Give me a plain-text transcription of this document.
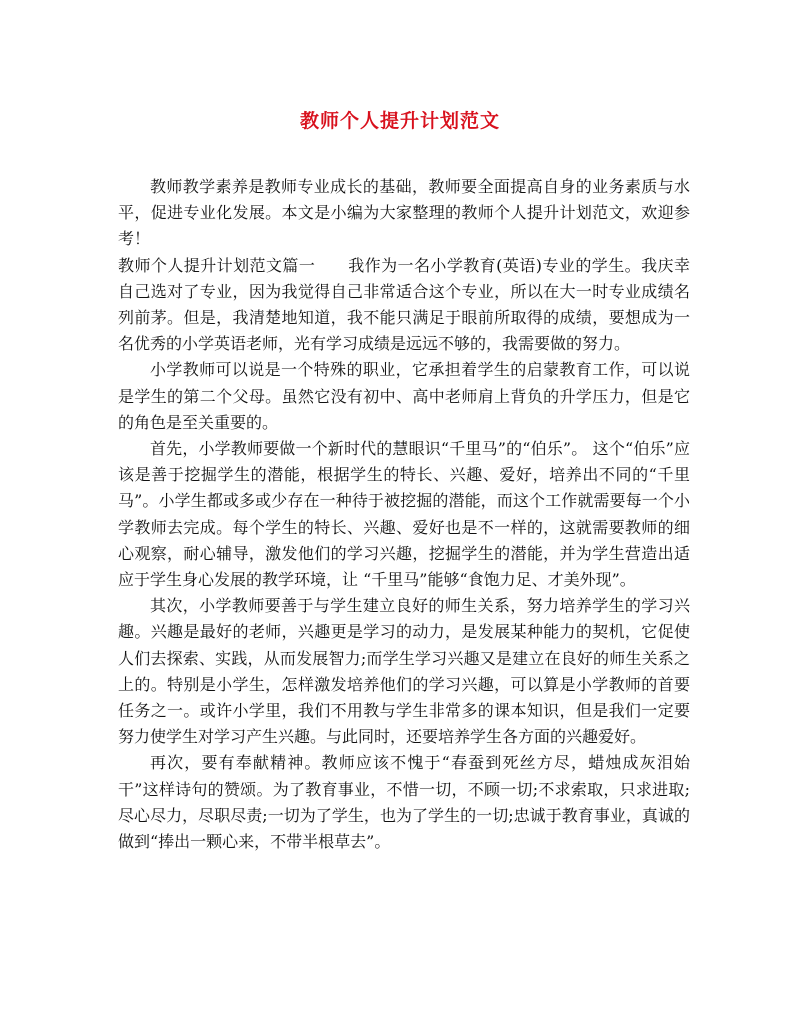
教师个人提升计划范文

教师教学素养是教师专业成长的基础，教师要全面提高自身的业务素质与水平，促进专业化发展。本文是小编为大家整理的教师个人提升计划范文，欢迎参考！

教师个人提升计划范文篇一　　我作为一名小学教育(英语)专业的学生。我庆幸自己选对了专业，因为我觉得自己非常适合这个专业，所以在大一时专业成绩名列前茅。但是，我清楚地知道，我不能只满足于眼前所取得的成绩，要想成为一名优秀的小学英语老师，光有学习成绩是远远不够的，我需要做的努力。

小学教师可以说是一个特殊的职业，它承担着学生的启蒙教育工作，可以说是学生的第二个父母。虽然它没有初中、高中老师肩上背负的升学压力，但是它的角色是至关重要的。

首先，小学教师要做一个新时代的慧眼识“千里马”的“伯乐”。 这个“伯乐”应该是善于挖掘学生的潜能，根据学生的特长、兴趣、爱好，培养出不同的“千里马”。小学生都或多或少存在一种待于被挖掘的潜能，而这个工作就需要每一个小学教师去完成。每个学生的特长、兴趣、爱好也是不一样的，这就需要教师的细心观察，耐心辅导，激发他们的学习兴趣，挖掘学生的潜能，并为学生营造出适应于学生身心发展的教学环境，让 “千里马”能够“食饱力足、才美外现”。

其次，小学教师要善于与学生建立良好的师生关系，努力培养学生的学习兴趣。兴趣是最好的老师，兴趣更是学习的动力，是发展某种能力的契机，它促使人们去探索、实践，从而发展智力;而学生学习兴趣又是建立在良好的师生关系之上的。特别是小学生，怎样激发培养他们的学习兴趣，可以算是小学教师的首要任务之一。或许小学里，我们不用教与学生非常多的课本知识，但是我们一定要努力使学生对学习产生兴趣。与此同时，还要培养学生各方面的兴趣爱好。

再次，要有奉献精神。教师应该不愧于“春蚕到死丝方尽，蜡烛成灰泪始干”这样诗句的赞颂。为了教育事业，不惜一切，不顾一切;不求索取，只求进取;尽心尽力，尽职尽责;一切为了学生，也为了学生的一切;忠诚于教育事业，真诚的做到“捧出一颗心来，不带半根草去”。
